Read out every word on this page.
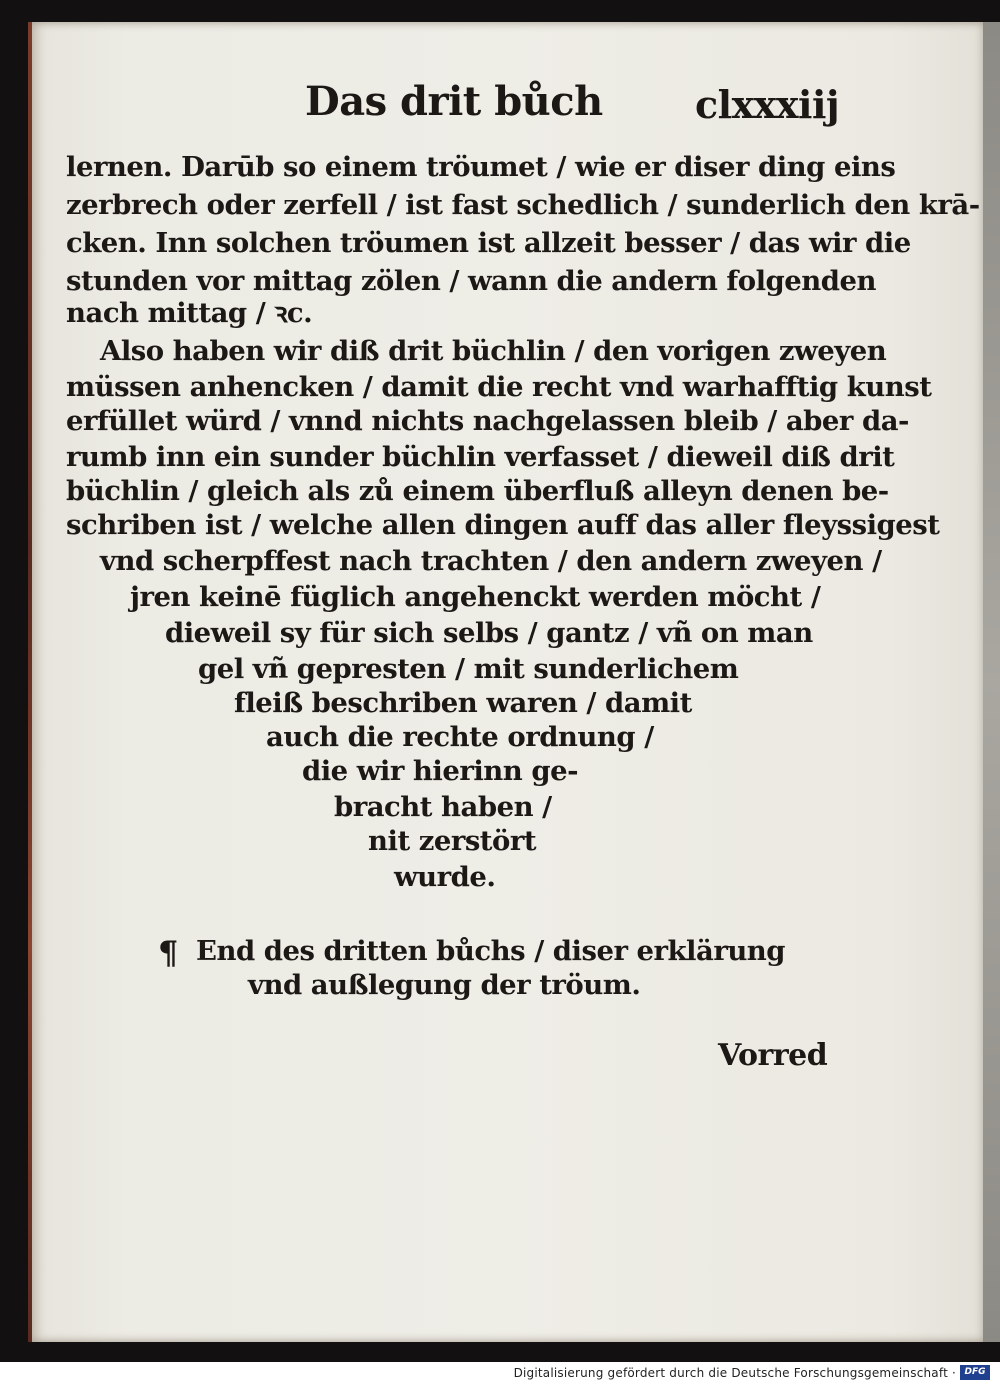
Das drit bůch clxxxiij
lernen. Darūb so einem tröumet / wie er diser ding eins
zerbrech oder zerfell / ist fast schedlich / sunderlich den krā-
cken. Inn solchen tröumen ist allzeit besser / das wir die
stunden vor mittag zölen / wann die andern folgenden
nach mittag / ꝛc.
Also haben wir diß drit büchlin / den vorigen zweyen
müssen anhencken / damit die recht vnd warhafftig kunst
erfüllet würd / vnnd nichts nachgelassen bleib / aber da-
rumb inn ein sunder büchlin verfasset / dieweil diß drit
büchlin / gleich als zů einem überfluß alleyn denen be-
schriben ist / welche allen dingen auff das aller fleyssigest
vnd scherpffest nach trachten / den andern zweyen /
jren keinē füglich angehenckt werden möcht /
dieweil sy für sich selbs / gantz / vñ on man
gel vñ gepresten / mit sunderlichem
fleiß beschriben waren / damit
auch die rechte ordnung /
die wir hierinn ge-
bracht haben /
nit zerstört
wurde.
¶ End des dritten bůchs / diser erklärung
vnd außlegung der tröum.
Vorred
Digitalisierung gefördert durch die Deutsche Forschungsgemeinschaft · DFG
